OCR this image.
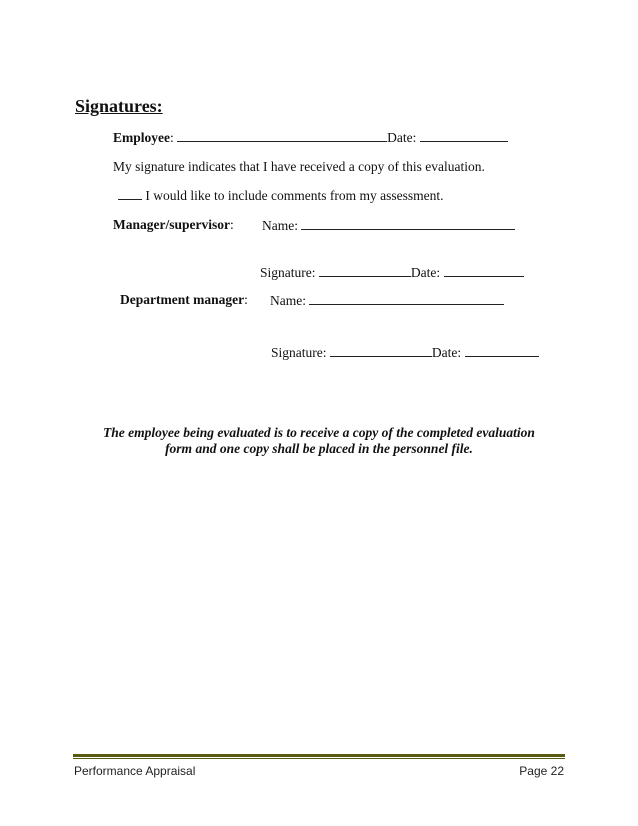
Signatures:
Employee:	Date:
My signature indicates that I have received a copy of this evaluation.
I would like to include comments from my assessment.
Manager/supervisor: Name:
Signature:	Date:
Department manager: Name:
Signature:	Date:
The employee being evaluated is to receive a copy of the completed evaluation
form and one copy shall be placed in the personnel file.
Performance Appraisal	Page 22
